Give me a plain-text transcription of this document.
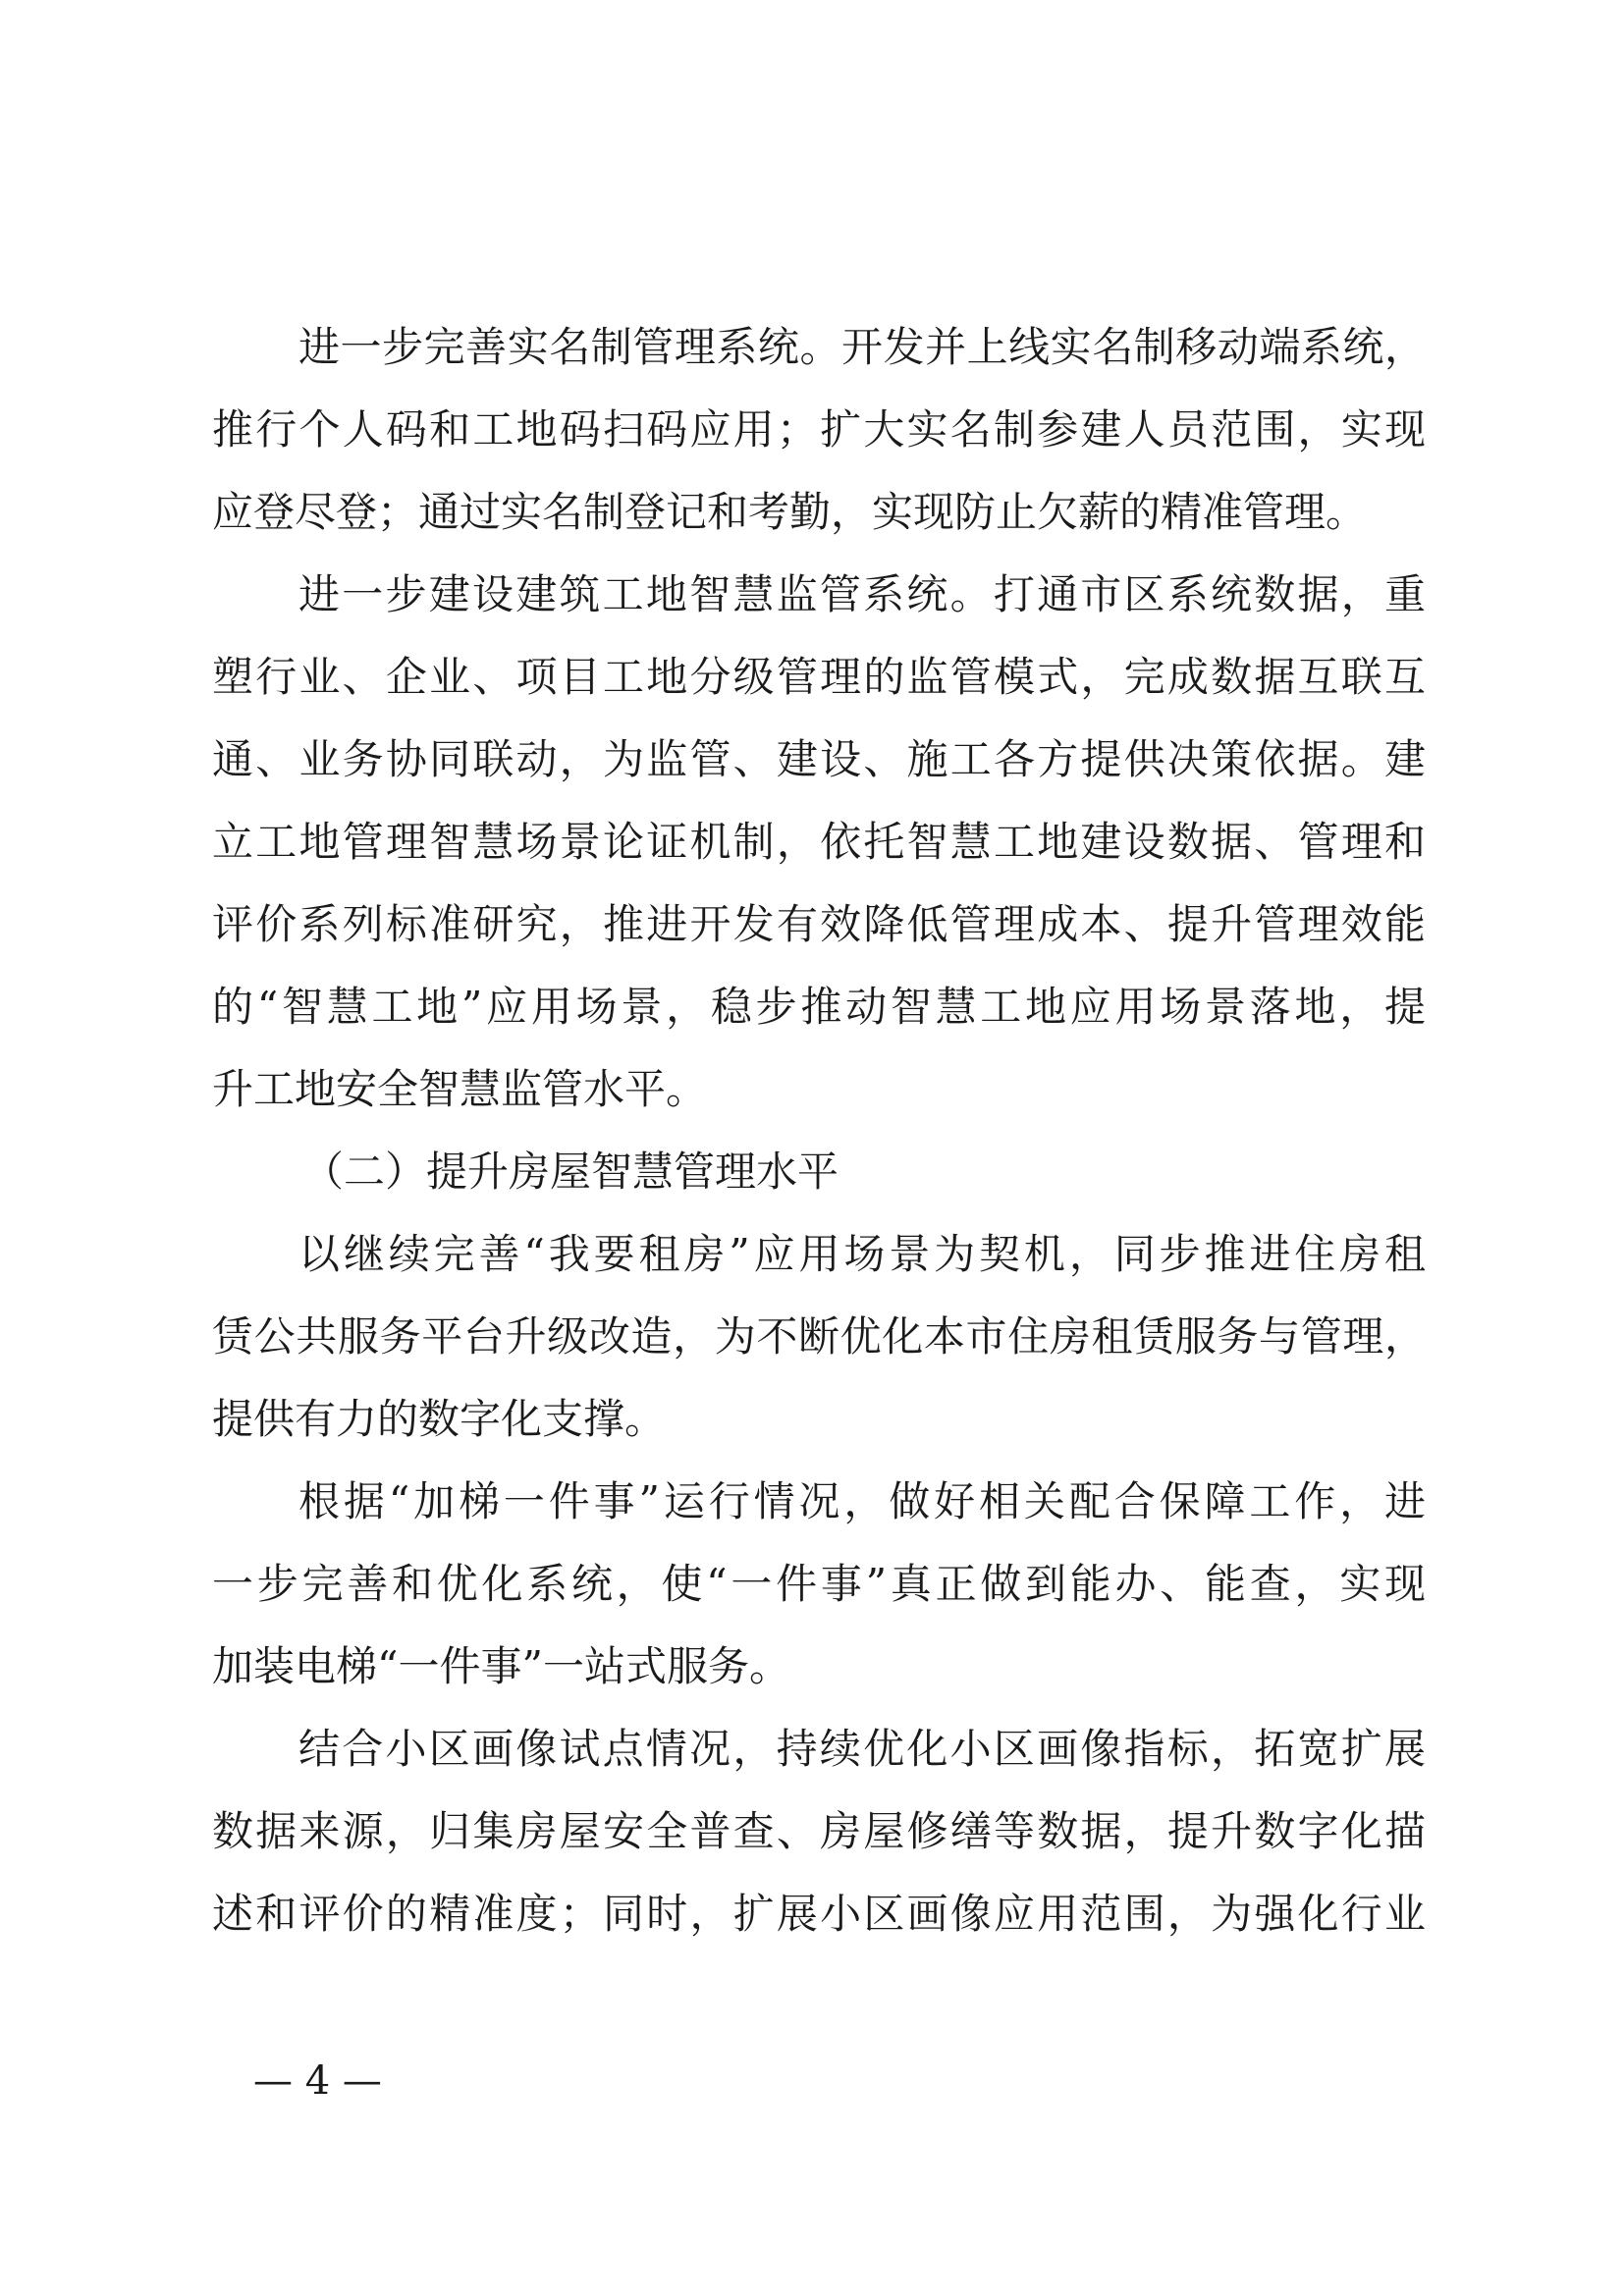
进一步完善实名制管理系统。开发并上线实名制移动端系统，
推行个人码和工地码扫码应用；扩大实名制参建人员范围，实现
应登尽登；通过实名制登记和考勤，实现防止欠薪的精准管理。
进一步建设建筑工地智慧监管系统。打通市区系统数据，重
塑行业、企业、项目工地分级管理的监管模式，完成数据互联互
通、业务协同联动，为监管、建设、施工各方提供决策依据。建
立工地管理智慧场景论证机制，依托智慧工地建设数据、管理和
评价系列标准研究，推进开发有效降低管理成本、提升管理效能
的“智慧工地”应用场景，稳步推动智慧工地应用场景落地，提
升工地安全智慧监管水平。
（二）提升房屋智慧管理水平
以继续完善“我要租房”应用场景为契机，同步推进住房租
赁公共服务平台升级改造，为不断优化本市住房租赁服务与管理，
提供有力的数字化支撑。
根据“加梯一件事”运行情况，做好相关配合保障工作，进
一步完善和优化系统，使“一件事”真正做到能办、能查，实现
加装电梯“一件事”一站式服务。
结合小区画像试点情况，持续优化小区画像指标，拓宽扩展
数据来源，归集房屋安全普查、房屋修缮等数据，提升数字化描
述和评价的精准度；同时，扩展小区画像应用范围，为强化行业
— 4 —
